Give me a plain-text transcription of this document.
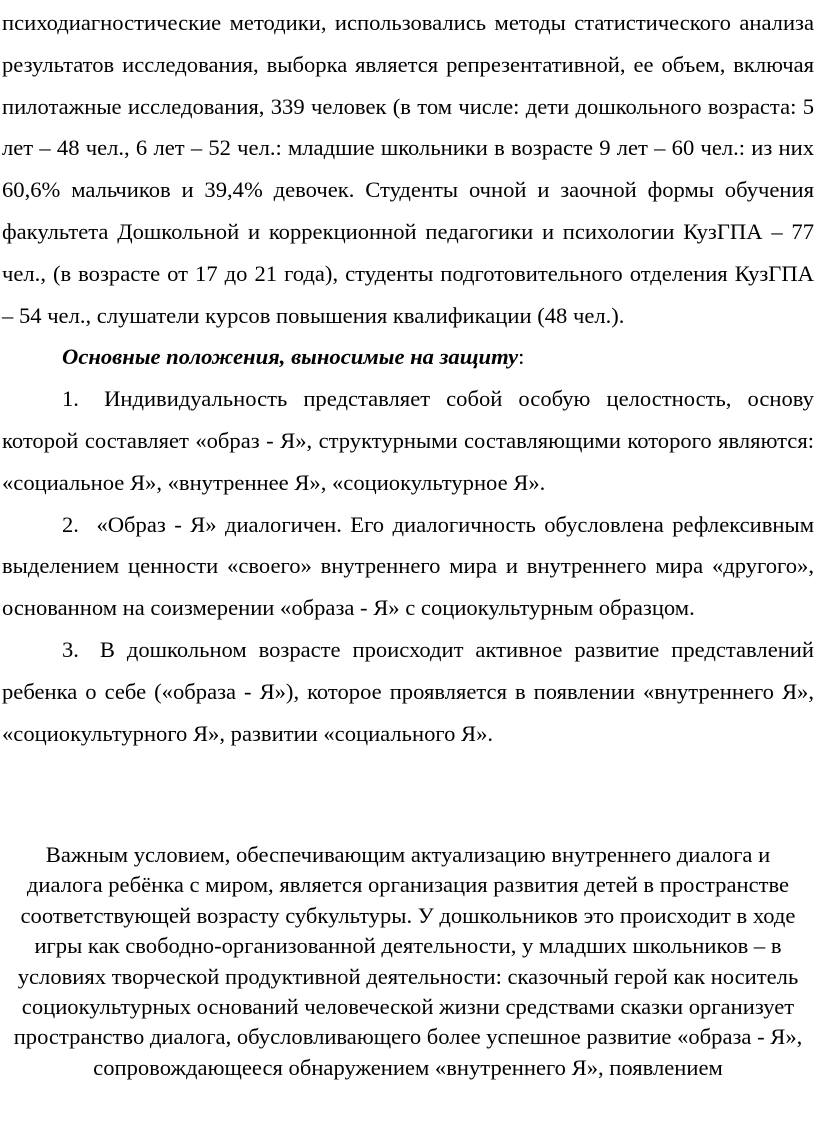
психодиагностические методики, использовались методы статистического анализа результатов исследования, выборка является репрезентативной, ее объем, включая пилотажные исследования, 339 человек (в том числе: дети дошкольного возраста: 5 лет – 48 чел., 6 лет – 52 чел.: младшие школьники в возрасте 9 лет – 60 чел.: из них 60,6% мальчиков и 39,4% девочек. Студенты очной и заочной формы обучения факультета Дошкольной и коррекционной педагогики и психологии КузГПА – 77 чел., (в возрасте от 17 до 21 года), студенты подготовительного отделения КузГПА – 54 чел., слушатели курсов повышения квалификации (48 чел.).

Основные положения, выносимые на защиту:

1. Индивидуальность представляет собой особую целостность, основу которой составляет «образ - Я», структурными составляющими которого являются: «социальное Я», «внутреннее Я», «социокультурное Я».

2. «Образ - Я» диалогичен. Его диалогичность обусловлена рефлексивным выделением ценности «своего» внутреннего мира и внутреннего мира «другого», основанном на соизмерении «образа - Я» с социокультурным образцом.

3. В дошкольном возрасте происходит активное развитие представлений ребенка о себе («образа - Я»), которое проявляется в появлении «внутреннего Я», «социокультурного Я», развитии «социального Я».

Важным условием, обеспечивающим актуализацию внутреннего диалога и диалога ребёнка с миром, является организация развития детей в пространстве соответствующей возрасту субкультуры. У дошкольников это происходит в ходе игры как свободно-организованной деятельности, у младших школьников – в условиях творческой продуктивной деятельности: сказочный герой как носитель социокультурных оснований человеческой жизни средствами сказки организует пространство диалога, обусловливающего более успешное развитие «образа - Я», сопровождающееся обнаружением «внутреннего Я», появлением
